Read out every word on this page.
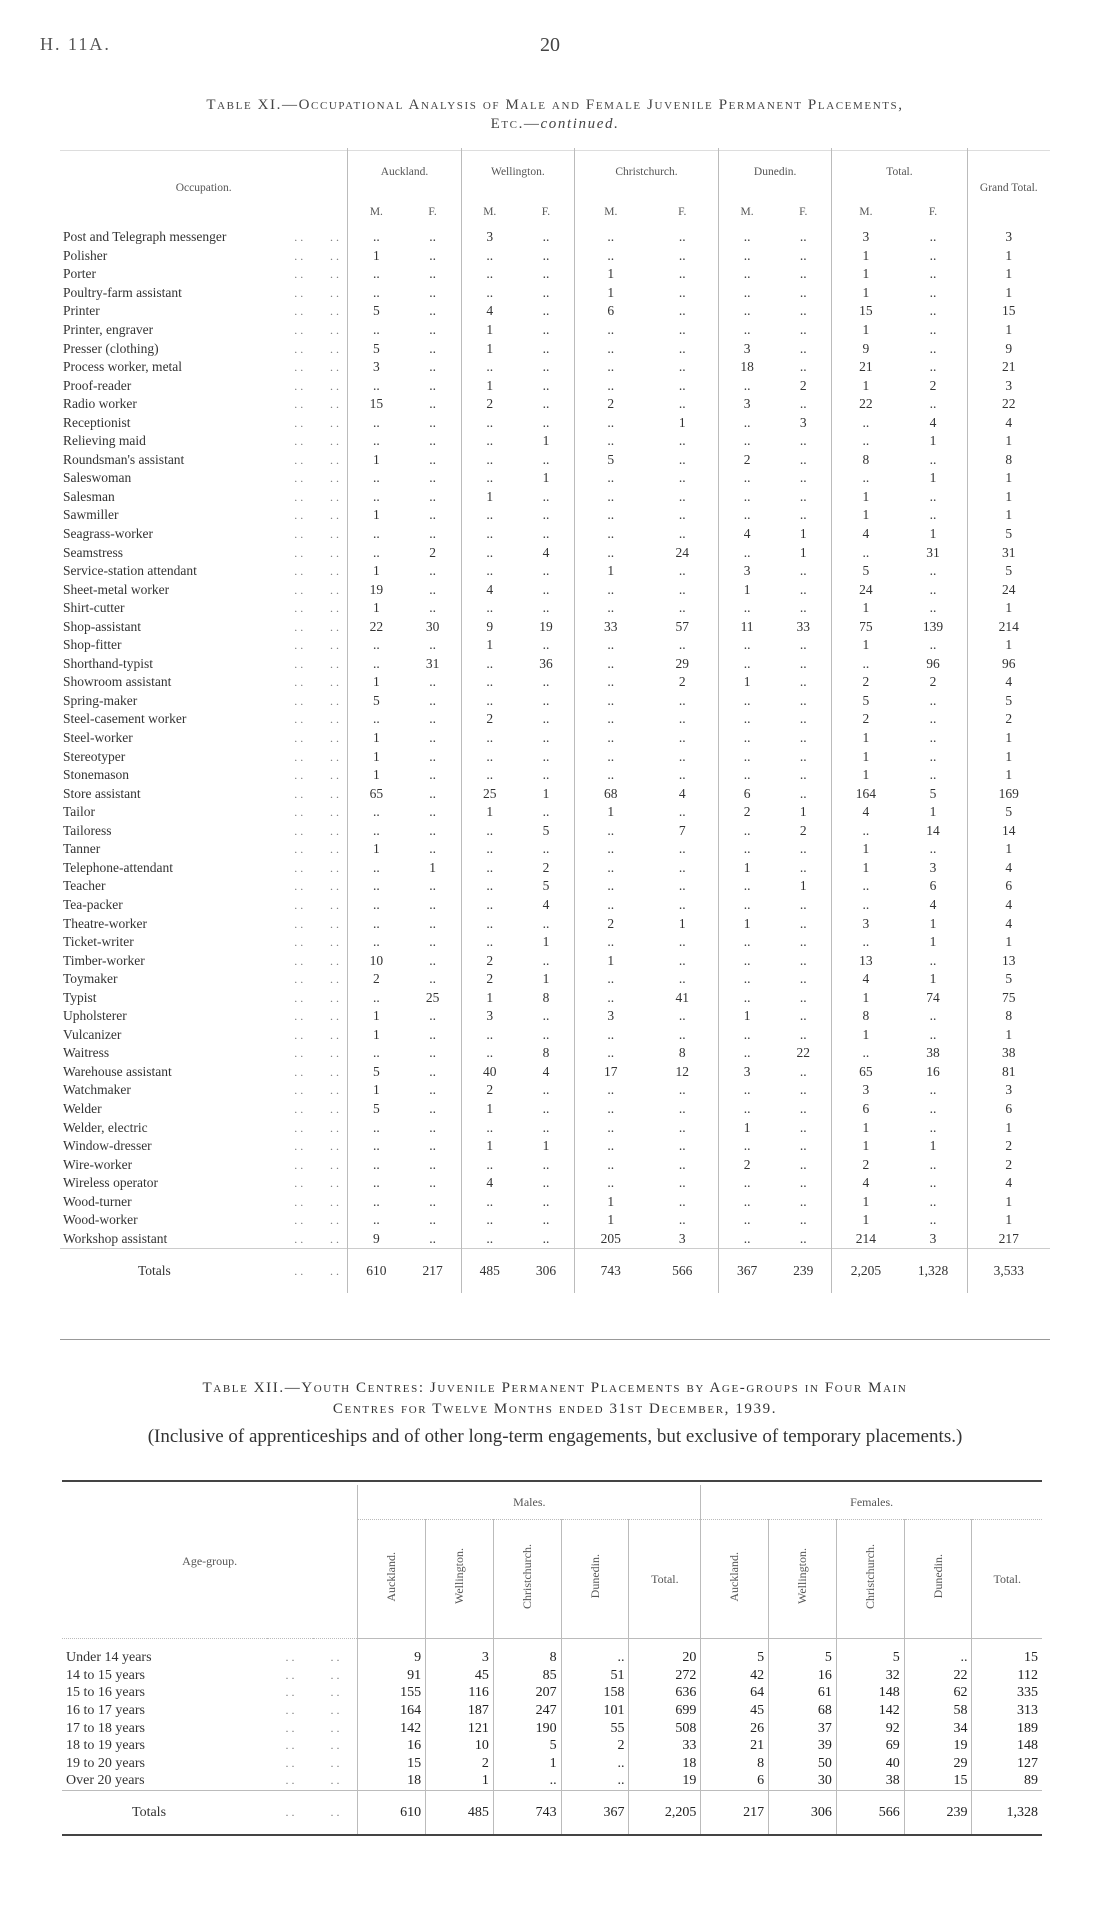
H. 11A.	20
Table XI.—Occupational Analysis of Male and Female Juvenile Permanent Placements,
Etc.—continued.
Occupation.			Auckland.		Wellington.		Christchurch.		Dunedin.		Total.		Grand Total.
			M.	F.	M.	F.	M.	F.	M.	F.	M.	F.	
Post and Telegraph messenger	. .	. .	..	..	3	..	..	..	..	..	3	..	3
Polisher	. .	. .	1	..	..	..	..	..	..	..	1	..	1
Porter	. .	. .	..	..	..	..	1	..	..	..	1	..	1
Poultry-farm assistant	. .	. .	..	..	..	..	1	..	..	..	1	..	1
Printer	. .	. .	5	..	4	..	6	..	..	..	15	..	15
Printer, engraver	. .	. .	..	..	1	..	..	..	..	..	1	..	1
Presser (clothing)	. .	. .	5	..	1	..	..	..	3	..	9	..	9
Process worker, metal	. .	. .	3	..	..	..	..	..	18	..	21	..	21
Proof-reader	. .	. .	..	..	1	..	..	..	..	2	1	2	3
Radio worker	. .	. .	15	..	2	..	2	..	3	..	22	..	22
Receptionist	. .	. .	..	..	..	..	..	1	..	3	..	4	4
Relieving maid	. .	. .	..	..	..	1	..	..	..	..	..	1	1
Roundsman's assistant	. .	. .	1	..	..	..	5	..	2	..	8	..	8
Saleswoman	. .	. .	..	..	..	1	..	..	..	..	..	1	1
Salesman	. .	. .	..	..	1	..	..	..	..	..	1	..	1
Sawmiller	. .	. .	1	..	..	..	..	..	..	..	1	..	1
Seagrass-worker	. .	. .	..	..	..	..	..	..	4	1	4	1	5
Seamstress	. .	. .	..	2	..	4	..	24	..	1	..	31	31
Service-station attendant	. .	. .	1	..	..	..	1	..	3	..	5	..	5
Sheet-metal worker	. .	. .	19	..	4	..	..	..	1	..	24	..	24
Shirt-cutter	. .	. .	1	..	..	..	..	..	..	..	1	..	1
Shop-assistant	. .	. .	22	30	9	19	33	57	11	33	75	139	214
Shop-fitter	. .	. .	..	..	1	..	..	..	..	..	1	..	1
Shorthand-typist	. .	. .	..	31	..	36	..	29	..	..	..	96	96
Showroom assistant	. .	. .	1	..	..	..	..	2	1	..	2	2	4
Spring-maker	. .	. .	5	..	..	..	..	..	..	..	5	..	5
Steel-casement worker	. .	. .	..	..	2	..	..	..	..	..	2	..	2
Steel-worker	. .	. .	1	..	..	..	..	..	..	..	1	..	1
Stereotyper	. .	. .	1	..	..	..	..	..	..	..	1	..	1
Stonemason	. .	. .	1	..	..	..	..	..	..	..	1	..	1
Store assistant	. .	. .	65	..	25	1	68	4	6	..	164	5	169
Tailor	. .	. .	..	..	1	..	1	..	2	1	4	1	5
Tailoress	. .	. .	..	..	..	5	..	7	..	2	..	14	14
Tanner	. .	. .	1	..	..	..	..	..	..	..	1	..	1
Telephone-attendant	. .	. .	..	1	..	2	..	..	1	..	1	3	4
Teacher	. .	. .	..	..	..	5	..	..	..	1	..	6	6
Tea-packer	. .	. .	..	..	..	4	..	..	..	..	..	4	4
Theatre-worker	. .	. .	..	..	..	..	2	1	1	..	3	1	4
Ticket-writer	. .	. .	..	..	..	1	..	..	..	..	..	1	1
Timber-worker	. .	. .	10	..	2	..	1	..	..	..	13	..	13
Toymaker	. .	. .	2	..	2	1	..	..	..	..	4	1	5
Typist	. .	. .	..	25	1	8	..	41	..	..	1	74	75
Upholsterer	. .	. .	1	..	3	..	3	..	1	..	8	..	8
Vulcanizer	. .	. .	1	..	..	..	..	..	..	..	1	..	1
Waitress	. .	. .	..	..	..	8	..	8	..	22	..	38	38
Warehouse assistant	. .	. .	5	..	40	4	17	12	3	..	65	16	81
Watchmaker	. .	. .	1	..	2	..	..	..	..	..	3	..	3
Welder	. .	. .	5	..	1	..	..	..	..	..	6	..	6
Welder, electric	. .	. .	..	..	..	..	..	..	1	..	1	..	1
Window-dresser	. .	. .	..	..	1	1	..	..	..	..	1	1	2
Wire-worker	. .	. .	..	..	..	..	..	..	2	..	2	..	2
Wireless operator	. .	. .	..	..	4	..	..	..	..	..	4	..	4
Wood-turner	. .	. .	..	..	..	..	1	..	..	..	1	..	1
Wood-worker	. .	. .	..	..	..	..	1	..	..	..	1	..	1
Workshop assistant	. .	. .	9	..	..	..	205	3	..	..	214	3	217
Totals	. .	. .	610	217	485	306	743	566	367	239	2,205	1,328	3,533
Table XII.—Youth Centres: Juvenile Permanent Placements by Age-groups in Four Main
Centres for Twelve Months ended 31st December, 1939.
(Inclusive of apprenticeships and of other long-term engagements, but exclusive of temporary placements.)
Age-group.			Males.					Females.				
			Auckland.	Wellington.	Christchurch.	Dunedin.	Total.	Auckland.	Wellington.	Christchurch.	Dunedin.	Total.
Under 14 years	. .	. .	9	3	8	..	20	5	5	5	..	15
14 to 15 years	. .	. .	91	45	85	51	272	42	16	32	22	112
15 to 16 years	. .	. .	155	116	207	158	636	64	61	148	62	335
16 to 17 years	. .	. .	164	187	247	101	699	45	68	142	58	313
17 to 18 years	. .	. .	142	121	190	55	508	26	37	92	34	189
18 to 19 years	. .	. .	16	10	5	2	33	21	39	69	19	148
19 to 20 years	. .	. .	15	2	1	..	18	8	50	40	29	127
Over 20 years	. .	. .	18	1	..	..	19	6	30	38	15	89
Totals	. .	. .	610	485	743	367	2,205	217	306	566	239	1,328
